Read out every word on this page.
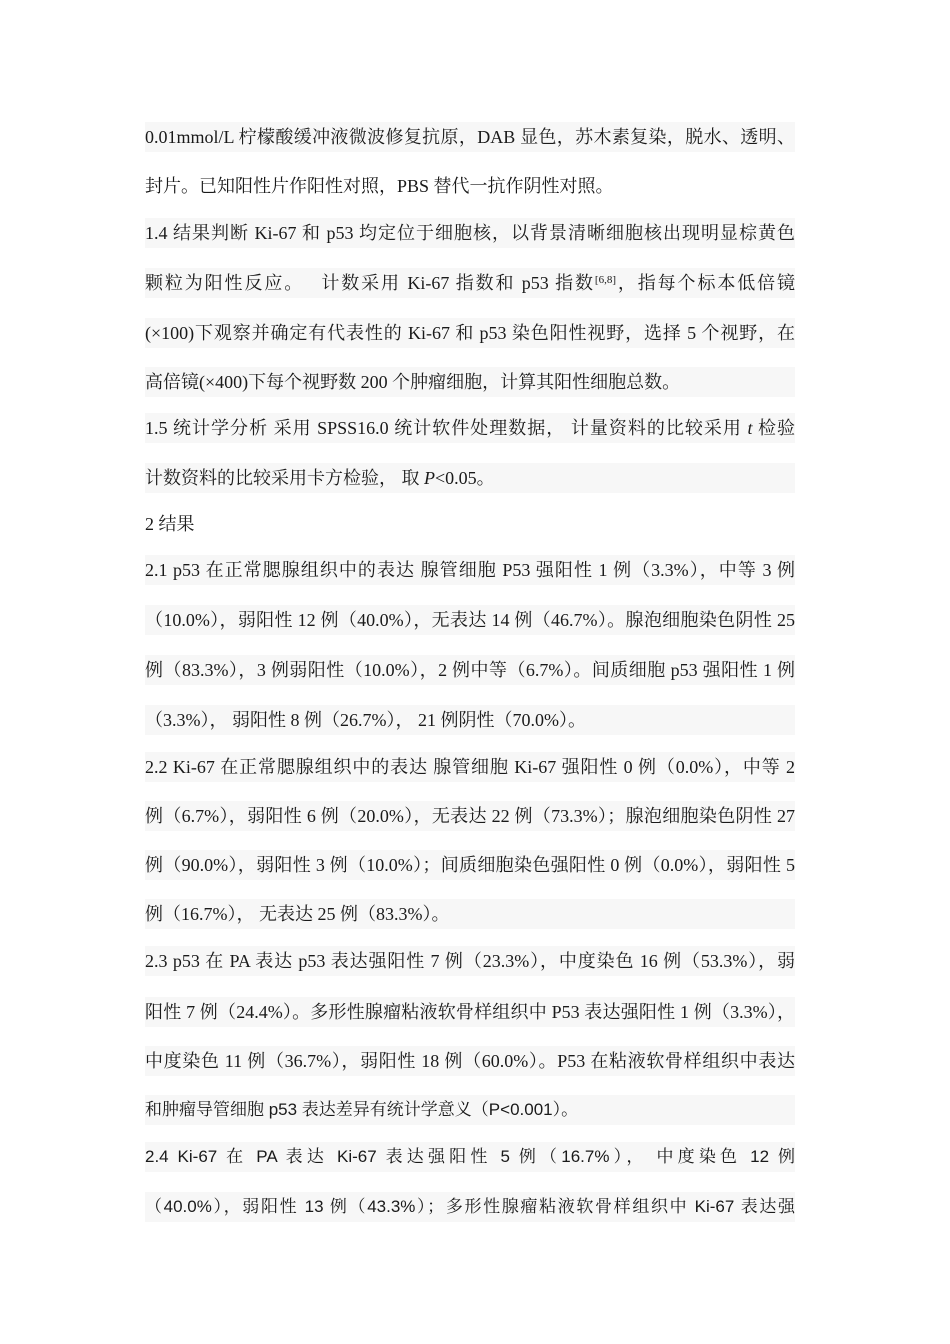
0.01mmol/L 柠檬酸缓冲液微波修复抗原，DAB 显色，苏木素复染，脱水、透明、
封片。已知阳性片作阳性对照，PBS 替代一抗作阴性对照。
1.4 结果判断 Ki-67 和 p53 均定位于细胞核，以背景清晰细胞核出现明显棕黄色
颗粒为阳性反应。　 计数采用 Ki-67 指数和 p53 指数[6,8]，指每个标本低倍镜
(×100)下观察并确定有代表性的 Ki-67 和 p53 染色阳性视野，选择 5 个视野，在
高倍镜(×400)下每个视野数 200 个肿瘤细胞，计算其阳性细胞总数。
1.5 统计学分析 采用 SPSS16.0 统计软件处理数据， 计量资料的比较采用 t 检验
计数资料的比较采用卡方检验， 取 P<0.05。
2 结果
2.1 p53 在正常腮腺组织中的表达 腺管细胞 P53 强阳性 1 例（3.3%），中等 3 例
（10.0%），弱阳性 12 例（40.0%），无表达 14 例（46.7%）。腺泡细胞染色阴性 25
例（83.3%），3 例弱阳性（10.0%），2 例中等（6.7%）。间质细胞 p53 强阳性 1 例
（3.3%）， 弱阳性 8 例（26.7%）， 21 例阴性（70.0%）。
2.2 Ki-67 在正常腮腺组织中的表达 腺管细胞 Ki-67 强阳性 0 例（0.0%），中等 2
例（6.7%），弱阳性 6 例（20.0%），无表达 22 例（73.3%）；腺泡细胞染色阴性 27
例（90.0%），弱阳性 3 例（10.0%）；间质细胞染色强阳性 0 例（0.0%），弱阳性 5
例（16.7%）， 无表达 25 例（83.3%）。
2.3 p53 在 PA 表达 p53 表达强阳性 7 例（23.3%），中度染色 16 例（53.3%），弱
阳性 7 例（24.4%）。多形性腺瘤粘液软骨样组织中 P53 表达强阳性 1 例（3.3%），
中度染色 11 例（36.7%），弱阳性 18 例（60.0%）。P53 在粘液软骨样组织中表达
和肿瘤导管细胞 p53 表达差异有统计学意义（P<0.001）。
2.4 Ki-67 在 PA 表达 Ki-67 表达强阳性 5 例（16.7%）， 中度染色 12 例
（40.0%），弱阳性 13 例（43.3%）；多形性腺瘤粘液软骨样组织中 Ki-67 表达强
